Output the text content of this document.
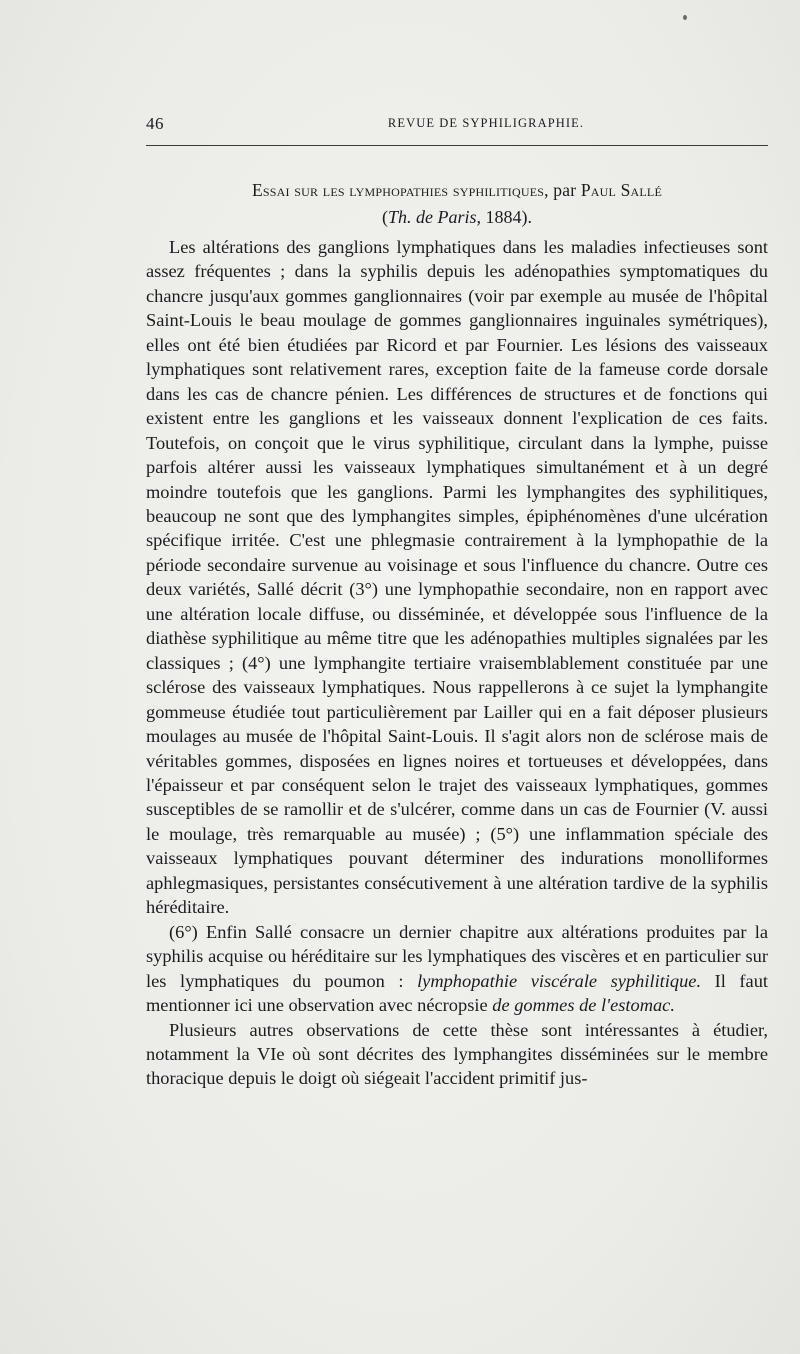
46	REVUE DE SYPHILIGRAPHIE.
Essai sur les lymphopathies syphilitiques, par Paul Sallé
(Th. de Paris, 1884).

Les altérations des ganglions lymphatiques dans les maladies infectieuses sont assez fréquentes ; dans la syphilis depuis les adénopathies symptomatiques du chancre jusqu'aux gommes ganglionnaires (voir par exemple au musée de l'hôpital Saint-Louis le beau moulage de gommes ganglionnaires inguinales symétriques), elles ont été bien étudiées par Ricord et par Fournier. Les lésions des vaisseaux lymphatiques sont relativement rares, exception faite de la fameuse corde dorsale dans les cas de chancre pénien. Les différences de structures et de fonctions qui existent entre les ganglions et les vaisseaux donnent l'explication de ces faits. Toutefois, on conçoit que le virus syphilitique, circulant dans la lymphe, puisse parfois altérer aussi les vaisseaux lymphatiques simultanément et à un degré moindre toutefois que les ganglions. Parmi les lymphangites des syphilitiques, beaucoup ne sont que des lymphangites simples, épiphénomènes d'une ulcération spécifique irritée. C'est une phlegmasie contrairement à la lymphopathie de la période secondaire survenue au voisinage et sous l'influence du chancre. Outre ces deux variétés, Sallé décrit (3°) une lymphopathie secondaire, non en rapport avec une altération locale diffuse, ou disséminée, et développée sous l'influence de la diathèse syphilitique au même titre que les adénopathies multiples signalées par les classiques ; (4°) une lymphangite tertiaire vraisemblablement constituée par une sclérose des vaisseaux lymphatiques. Nous rappellerons à ce sujet la lymphangite gommeuse étudiée tout particulièrement par Lailler qui en a fait déposer plusieurs moulages au musée de l'hôpital Saint-Louis. Il s'agit alors non de sclérose mais de véritables gommes, disposées en lignes noires et tortueuses et développées, dans l'épaisseur et par conséquent selon le trajet des vaisseaux lymphatiques, gommes susceptibles de se ramollir et de s'ulcérer, comme dans un cas de Fournier (V. aussi le moulage, très remarquable au musée) ; (5°) une inflammation spéciale des vaisseaux lymphatiques pouvant déterminer des indurations monolliformes aphlegmasiques, persistantes consécutivement à une altération tardive de la syphilis héréditaire.

(6°) Enfin Sallé consacre un dernier chapitre aux altérations produites par la syphilis acquise ou héréditaire sur les lymphatiques des viscères et en particulier sur les lymphatiques du poumon : lymphopathie viscérale syphilitique. Il faut mentionner ici une observation avec nécropsie de gommes de l'estomac.

Plusieurs autres observations de cette thèse sont intéressantes à étudier, notamment la VIe où sont décrites des lymphangites disséminées sur le membre thoracique depuis le doigt où siégeait l'accident primitif jus-
